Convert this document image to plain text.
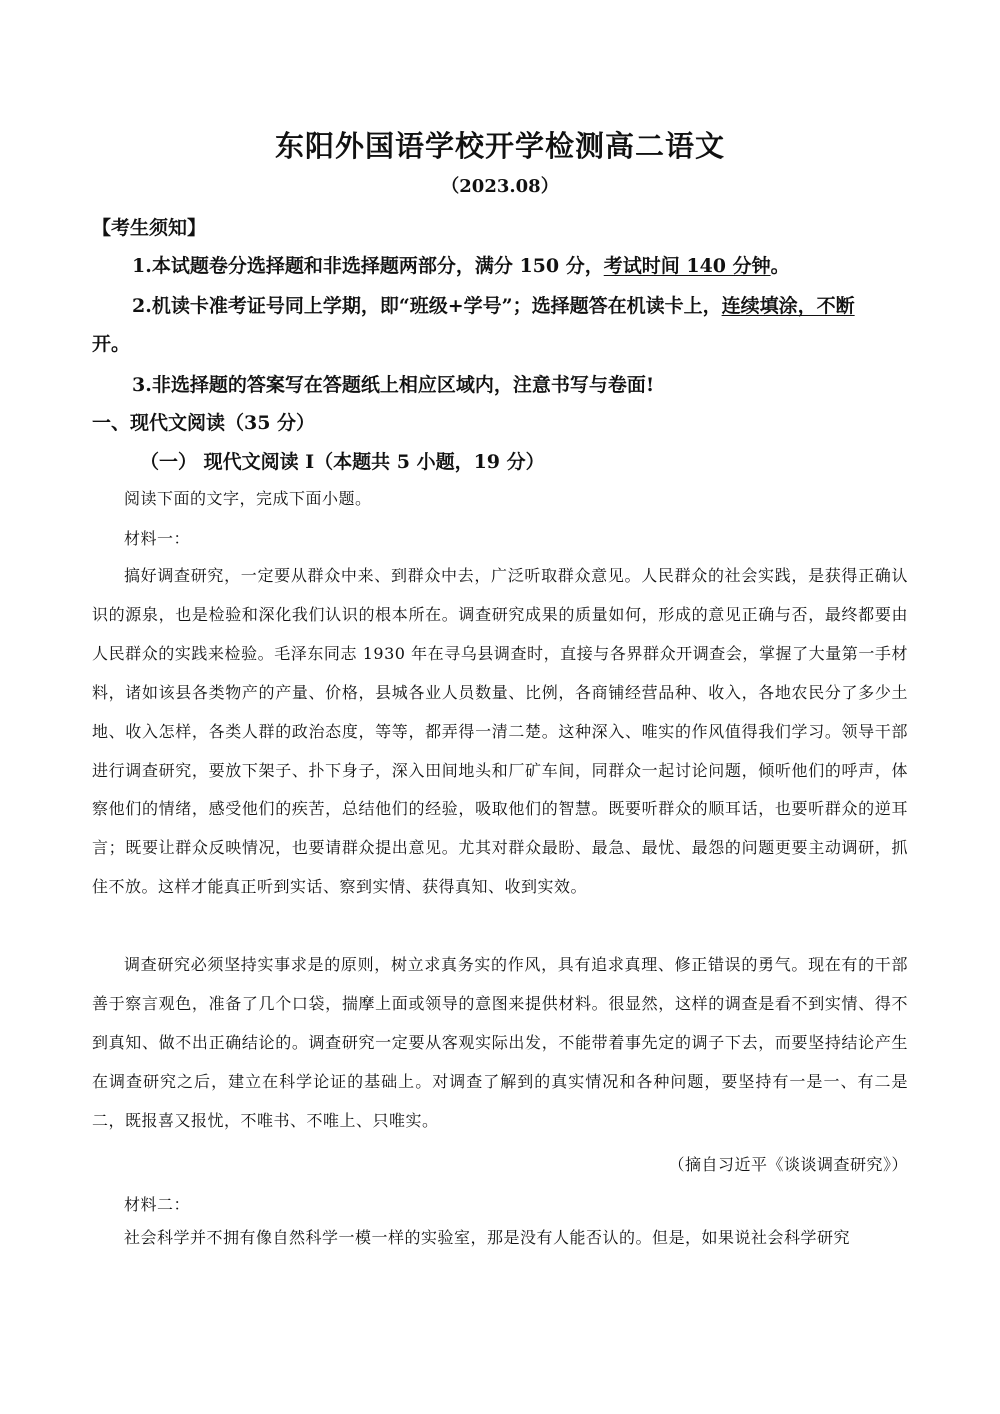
东阳外国语学校开学检测高二语文
（2023.08）
【考生须知】
1.本试题卷分选择题和非选择题两部分，满分 150 分，考试时间 140 分钟。
2.机读卡准考证号同上学期，即“班级+学号”；选择题答在机读卡上，连续填涂，不断
开。
3.非选择题的答案写在答题纸上相应区域内，注意书写与卷面!
一、现代文阅读（35 分）
（一） 现代文阅读 I（本题共 5 小题，19 分）
阅读下面的文字，完成下面小题。
材料一：
搞好调查研究，一定要从群众中来、到群众中去，广泛听取群众意见。人民群众的社会实践，是获得正确认识的源泉，也是检验和深化我们认识的根本所在。调查研究成果的质量如何，形成的意见正确与否，最终都要由人民群众的实践来检验。毛泽东同志 1930 年在寻乌县调查时，直接与各界群众开调查会，掌握了大量第一手材料，诸如该县各类物产的产量、价格，县城各业人员数量、比例，各商铺经营品种、收入，各地农民分了多少土地、收入怎样，各类人群的政治态度，等等，都弄得一清二楚。这种深入、唯实的作风值得我们学习。领导干部进行调查研究，要放下架子、扑下身子，深入田间地头和厂矿车间，同群众一起讨论问题，倾听他们的呼声，体察他们的情绪，感受他们的疾苦，总结他们的经验，吸取他们的智慧。既要听群众的顺耳话，也要听群众的逆耳言；既要让群众反映情况，也要请群众提出意见。尤其对群众最盼、最急、最忧、最怨的问题更要主动调研，抓住不放。这样才能真正听到实话、察到实情、获得真知、收到实效。
调查研究必须坚持实事求是的原则，树立求真务实的作风，具有追求真理、修正错误的勇气。现在有的干部善于察言观色，准备了几个口袋，揣摩上面或领导的意图来提供材料。很显然，这样的调查是看不到实情、得不到真知、做不出正确结论的。调查研究一定要从客观实际出发，不能带着事先定的调子下去，而要坚持结论产生在调查研究之后，建立在科学论证的基础上。对调查了解到的真实情况和各种问题，要坚持有一是一、有二是二，既报喜又报忧，不唯书、不唯上、只唯实。
（摘自习近平《谈谈调查研究》）
材料二：
社会科学并不拥有像自然科学一模一样的实验室，那是没有人能否认的。但是，如果说社会科学研究
